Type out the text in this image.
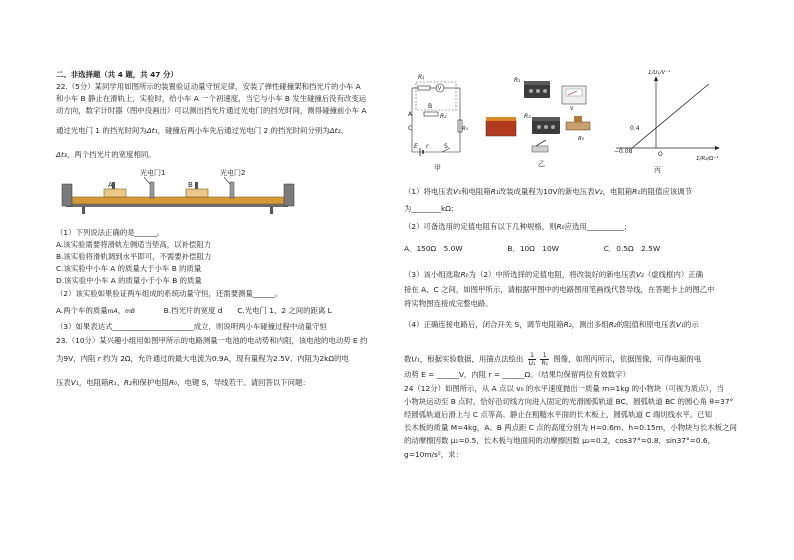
二、非选择题（共 4 题，共 47 分）
22.（5分）某同学用如图所示的装置验证动量守恒定律，安装了弹性碰撞架和挡光片的小车 A
和小车 B 静止在滑轨上，实验时，给小车 A 一个初速度，当它与小车 B 发生碰撞后没有改变运
动方向，数字计时器（图中没画出）可以测出挡光片通过光电门的挡光时间，测得碰撞前小车 A
通过光电门 1 的挡光时间为Δt₁，碰撞后两小车先后通过光电门 2 的挡光时间分别为Δt₂、
Δt₃，两个挡光片的宽度相同。
光电门1	光电门2
A	B
（1）下列说法正确的是______。
A.该实验需要将滑轨左侧适当垫高，以补偿阻力
B.该实验将滑轨调到水平即可，不需要补偿阻力
C.该实验中小车 A 的质量大于小车 B 的质量
D.该实验中小车 A 的质量小于小车 B 的质量
（2）该实验如果验证两车组成的系统动量守恒，还需要测量______。
A.两个车的质量mA、mB	B.挡光片的宽度 d C.光电门 1、2 之间的距离 L
（3）如果表达式______________________成立，则说明两小车碰撞过程中动量守恒
23.（10分）某兴趣小组用如图甲所示的电路测量一电池的电动势和内阻，该电池的电动势 E 约
为9V，内阻 r 约为 2Ω，允许通过的最大电流为0.9A，现有量程为2.5V、内阻为2kΩ的电
压表V₁，电阻箱R₁、R₂和保护电阻R₀，电键 S，导线若干。请回答以下问题：
R₁
V
A
B
C
R₂
R₀
E r	S
甲
R₁
V
R₂
R₀
乙
1/U₁/V⁻¹
1/R₂/Ω⁻¹
O
0.4
−0.08
丙
（1）将电压表V₁和电阻箱R₁改装成量程为10V的新电压表V₂，电阻箱R₁的阻值应该调节
为________kΩ；
（2）可备选用的定值电阻有以下几种规格，则R₀应选用__________；
A．150Ω　5.0W	B．10Ω　10W	C．0.5Ω　2.5W
（3）该小组选取R₀为（2）中所选择的定值电阻，将改装好的新电压表V₂（虚线框内）正确
接在 A、C 之间，如图甲所示，请根据甲图中的电路图用笔画线代替导线，在答题卡上的图乙中
将实物图连接成完整电路。
（4）正确连接电路后，闭合开关 S，调节电阻箱R₂，测出多组R₂的阻值和原电压表V₁的示
数U₁，根据实验数据，用描点法绘出 1
U₁ 1
R₂ 图像，如图丙所示，依据图像，可得电源的电
动势 E = ______V，内阻 r = ______Ω。（结果均保留两位有效数字）
24（12分）如图所示，从 A 点以 v₀ 的水平速度抛出一质量 m=1kg 的小物块（可视为质点），当
小物块运动至 B 点时，恰好沿切线方向进入固定的光滑圆弧轨道 BC，圆弧轨道 BC 的圆心角 θ=37°
经圆弧轨道后滑上与 C 点等高、静止在粗糙水平面的长木板上，圆弧轨道 C 端切线水平。已知
长木板的质量 M=4kg，A、B 两点距 C 点的高度分别为 H=0.6m、h=0.15m，小物块与长木板之间
的动摩擦因数 μ₁=0.5，长木板与地面间的动摩擦因数 μ₂=0.2，cos37°=0.8，sin37°=0.6，
g=10m/s²，求：
